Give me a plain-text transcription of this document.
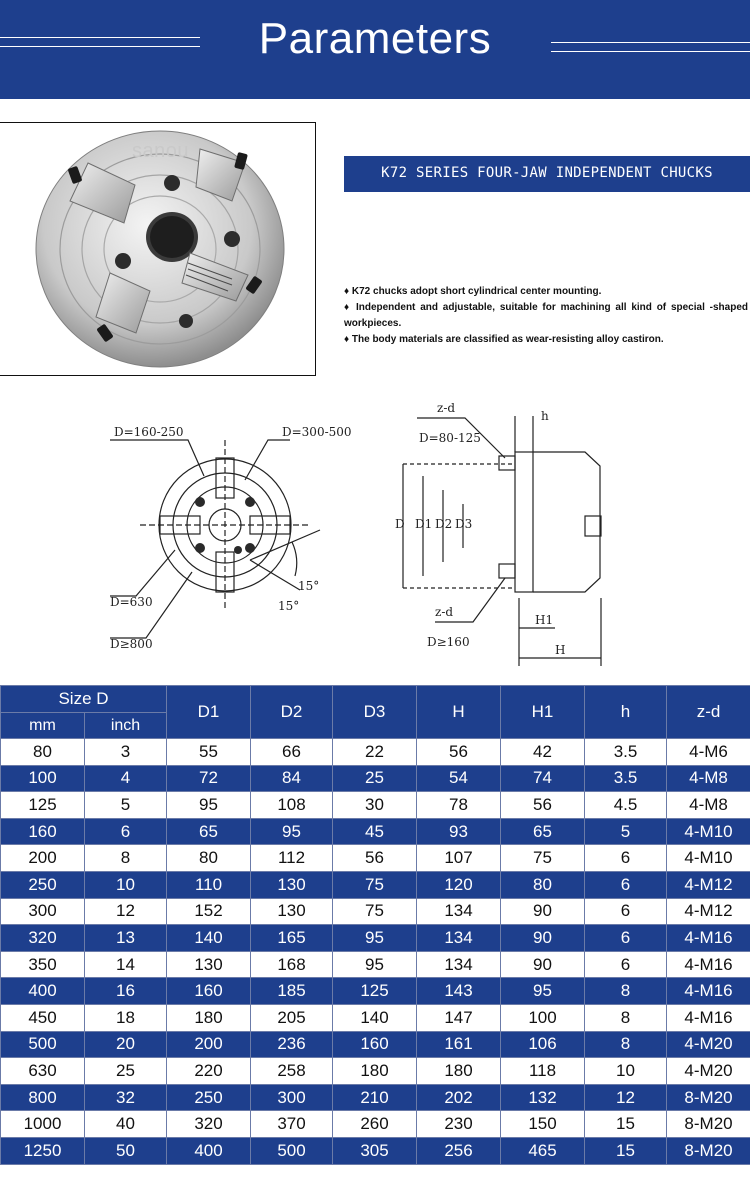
Parameters
sanou
K72 SERIES FOUR-JAW INDEPENDENT CHUCKS

♦ K72 chucks adopt short cylindrical center mounting.

♦ Independent and adjustable, suitable for machining all kind of special -shaped workpieces.

♦ The body materials are classified as wear-resisting alloy castiron.

D=160-250	D=300-500
D=630
D≥800
15°
15°
z-d
h
D=80-125
D D1 D2 D3
z-d
D≥160
H1
H
Size D		D1	D2	D3	H	H1	h	z-d
mm	inch							
80	3	55	66	22	56	42	3.5	4-M6
100	4	72	84	25	54	74	3.5	4-M8
125	5	95	108	30	78	56	4.5	4-M8
160	6	65	95	45	93	65	5	4-M10
200	8	80	112	56	107	75	6	4-M10
250	10	110	130	75	120	80	6	4-M12
300	12	152	130	75	134	90	6	4-M12
320	13	140	165	95	134	90	6	4-M16
350	14	130	168	95	134	90	6	4-M16
400	16	160	185	125	143	95	8	4-M16
450	18	180	205	140	147	100	8	4-M16
500	20	200	236	160	161	106	8	4-M20
630	25	220	258	180	180	118	10	4-M20
800	32	250	300	210	202	132	12	8-M20
1000	40	320	370	260	230	150	15	8-M20
1250	50	400	500	305	256	465	15	8-M20
